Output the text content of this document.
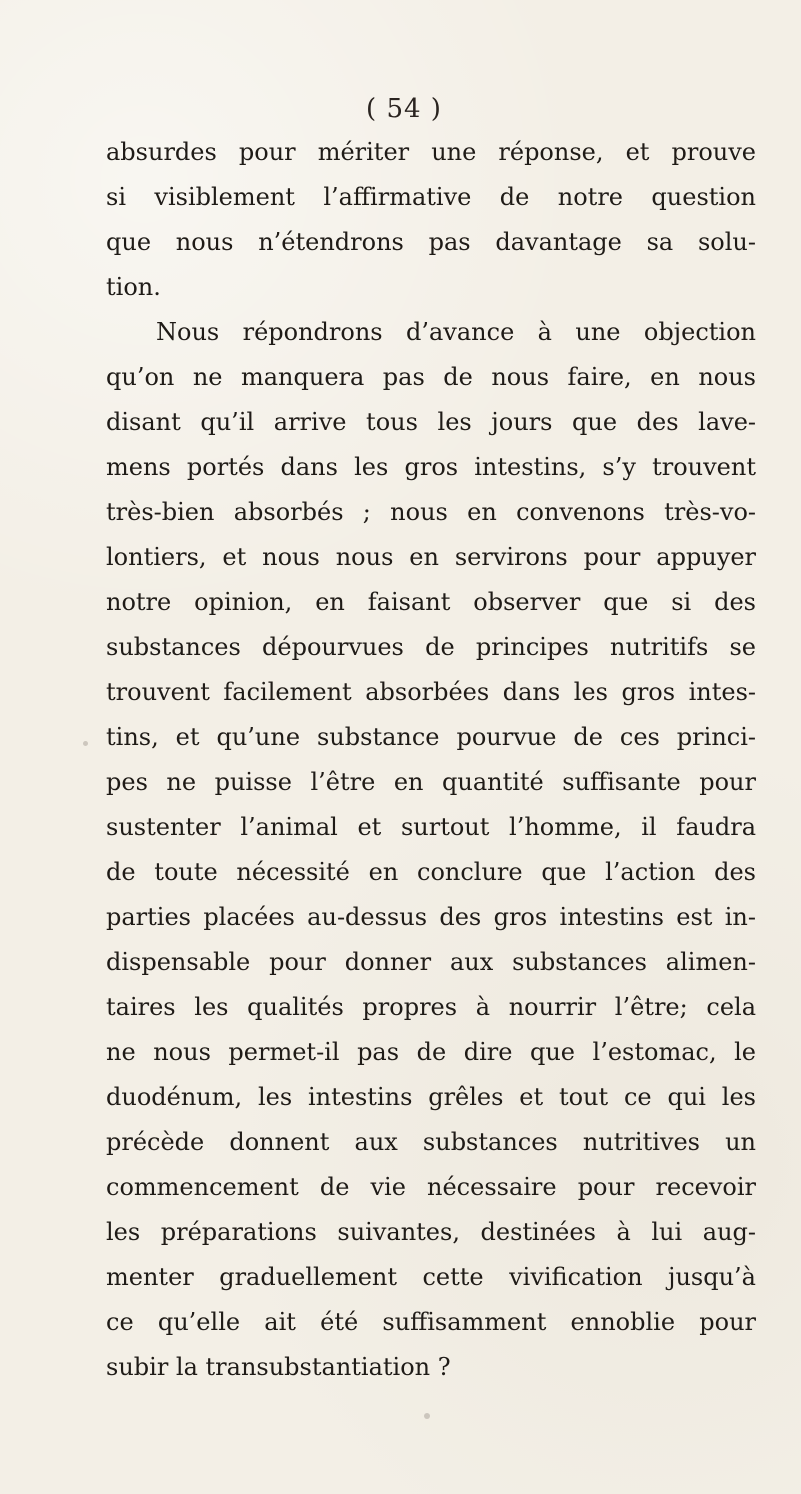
( 54 )
absurdes pour mériter une réponse, et prouve
si visiblement l’affirmative de notre question
que nous n’étendrons pas davantage sa solu-
tion.
Nous répondrons d’avance à une objection
qu’on ne manquera pas de nous faire, en nous
disant qu’il arrive tous les jours que des lave-
mens portés dans les gros intestins, s’y trouvent
très-bien absorbés ; nous en convenons très-vo-
lontiers, et nous nous en servirons pour appuyer
notre opinion, en faisant observer que si des
substances dépourvues de principes nutritifs se
trouvent facilement absorbées dans les gros intes-
tins, et qu’une substance pourvue de ces princi-
pes ne puisse l’être en quantité suffisante pour
sustenter l’animal et surtout l’homme, il faudra
de toute nécessité en conclure que l’action des
parties placées au-dessus des gros intestins est in-
dispensable pour donner aux substances alimen-
taires les qualités propres à nourrir l’être; cela
ne nous permet-il pas de dire que l’estomac, le
duodénum, les intestins grêles et tout ce qui les
précède donnent aux substances nutritives un
commencement de vie nécessaire pour recevoir
les préparations suivantes, destinées à lui aug-
menter graduellement cette vivification jusqu’à
ce qu’elle ait été suffisamment ennoblie pour
subir la transubstantiation ?
